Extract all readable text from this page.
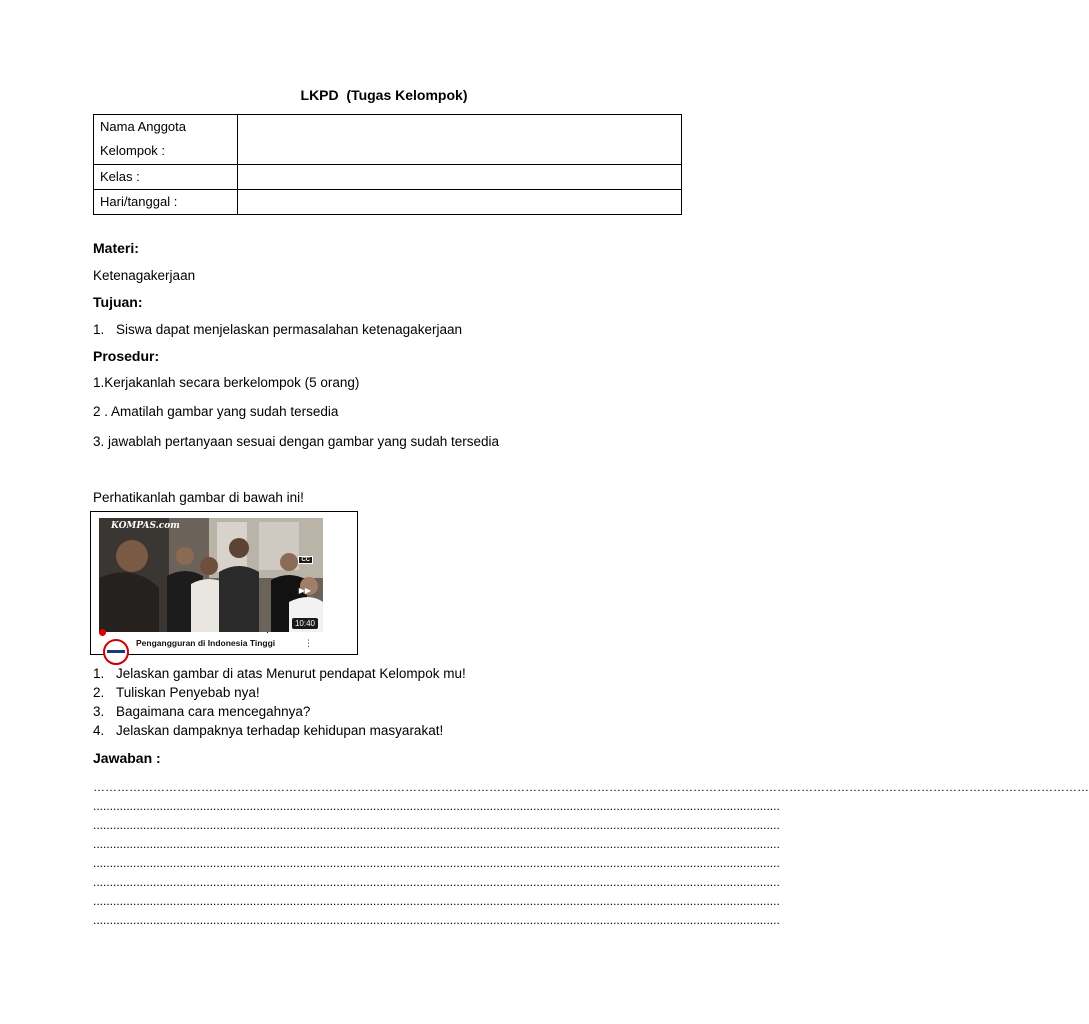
LKPD  (Tugas Kelompok)
Nama Anggota
Kelompok :	

Kelas :	

Hari/tanggal :	

Materi:
Ketenagakerjaan
Tujuan:
1. Siswa dapat menjelaskan permasalahan ketenagakerjaan
Prosedur:
1.Kerjakanlah secara berkelompok (5 orang)
2 . Amatilah gambar yang sudah tersedia
3. jawablah pertanyaan sesuai dengan gambar yang sudah tersedia
Perhatikanlah gambar di bawah ini!
KOMPAS.com
CC
▶▶
10:40
Pengangguran di Indonesia Tinggi	⋮
1. Jelaskan gambar di atas Menurut pendapat Kelompok mu!
2. Tuliskan Penyebab nya!
3. Bagaimana cara mencegahnya?
4. Jelaskan dampaknya terhadap kehidupan masyarakat!
Jawaban :
……………………………………………………………………………………………………………………………………………………………………………………………………………………………
..............................................................................................................................................................................................................
..............................................................................................................................................................................................................
..............................................................................................................................................................................................................
..............................................................................................................................................................................................................
..............................................................................................................................................................................................................
..............................................................................................................................................................................................................
..............................................................................................................................................................................................................
